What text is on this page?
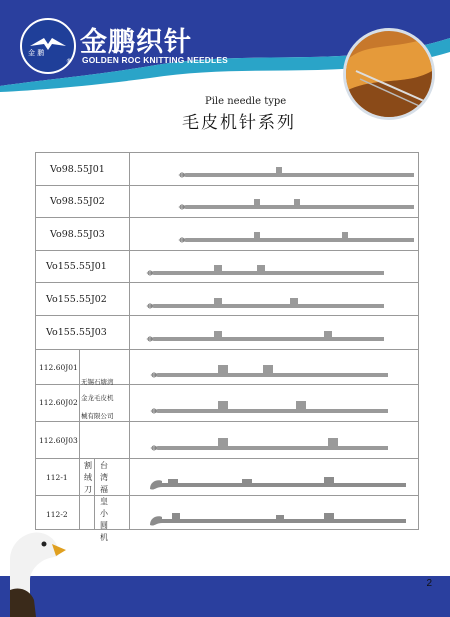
金 鹏
®
金鹏织针
GOLDEN ROC KNITTING NEEDLES
Pile needle type
毛皮机针系列
Vo98.55J01
Vo98.55J02
Vo98.55J03
Vo155.55J01
Vo155.55J02
Vo155.55J03
112.60J01
112.60J02
112.60J03
112-1
112-2
无锡石塘湾
金龙毛皮机
械有限公司
割绒刀
台湾福皇小圆机
2
